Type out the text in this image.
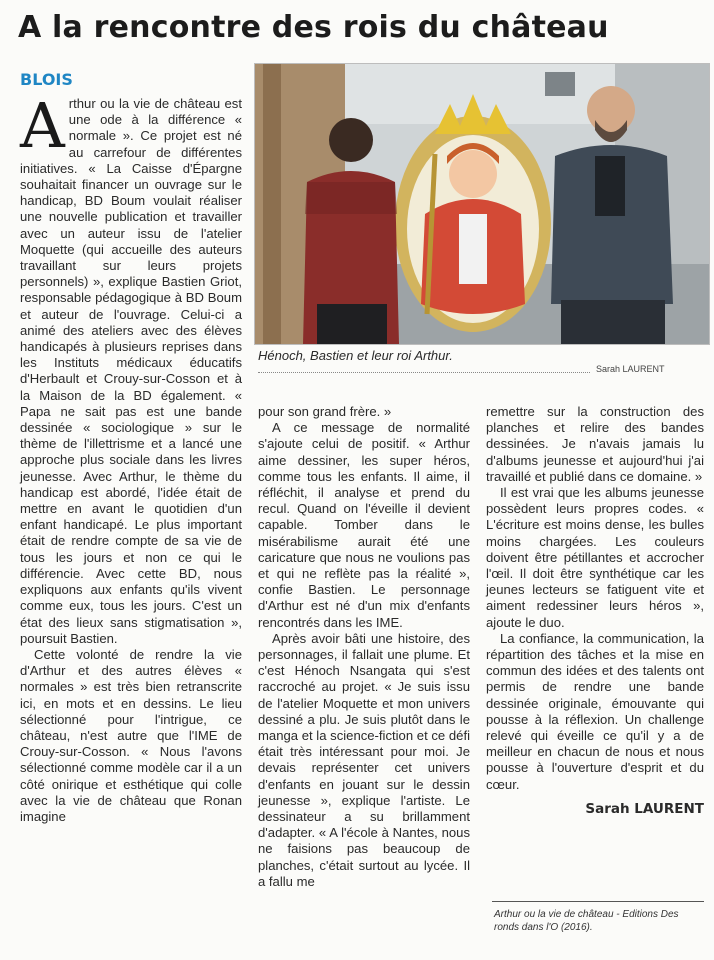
A la rencontre des rois du château
BLOIS
Hénoch, Bastien et leur roi Arthur.
Sarah LAURENT
A rthur ou la vie de château est une ode à la différence « normale ». Ce projet est né au carrefour de différentes initiatives. « La Caisse d'Épargne souhaitait financer un ouvrage sur le handicap, BD Boum voulait réaliser une nouvelle publication et travailler avec un auteur issu de l'atelier Moquette (qui accueille des auteurs travaillant sur leurs projets personnels) », explique Bastien Griot, responsable pédagogique à BD Boum et auteur de l'ouvrage. Celui-ci a animé des ateliers avec des élèves handicapés à plusieurs reprises dans les Instituts médicaux éducatifs d'Herbault et Crouy-sur-Cosson et à la Maison de la BD également. « Papa ne sait pas est une bande dessinée « sociologique » sur le thème de l'illettrisme et a lancé une approche plus sociale dans les livres jeunesse. Avec Arthur, le thème du handicap est abordé, l'idée était de mettre en avant le quotidien d'un enfant handicapé. Le plus important était de rendre compte de sa vie de tous les jours et non ce qui le différencie. Avec cette BD, nous expliquons aux enfants qu'ils vivent comme eux, tous les jours. C'est un état des lieux sans stigmatisation », poursuit Bastien.

Cette volonté de rendre la vie d'Arthur et des autres élèves « normales » est très bien retranscrite ici, en mots et en dessins. Le lieu sélectionné pour l'intrigue, ce château, n'est autre que l'IME de Crouy-sur-Cosson. « Nous l'avons sélectionné comme modèle car il a un côté onirique et esthétique qui colle avec la vie de château que Ronan imagine

pour son grand frère. »

A ce message de normalité s'ajoute celui de positif. « Arthur aime dessiner, les super héros, comme tous les enfants. Il aime, il réfléchit, il analyse et prend du recul. Quand on l'éveille il devient capable. Tomber dans le misérabilisme aurait été une caricature que nous ne voulions pas et qui ne reflète pas la réalité », confie Bastien. Le personnage d'Arthur est né d'un mix d'enfants rencontrés dans les IME.

Après avoir bâti une histoire, des personnages, il fallait une plume. Et c'est Hénoch Nsangata qui s'est raccroché au projet. « Je suis issu de l'atelier Moquette et mon univers dessiné a plu. Je suis plutôt dans le manga et la science-fiction et ce défi était très intéressant pour moi. Je devais représenter cet univers d'enfants en jouant sur le dessin jeunesse », explique l'artiste. Le dessinateur a su brillamment d'adapter. « A l'école à Nantes, nous ne faisions pas beaucoup de planches, c'était surtout au lycée. Il a fallu me

remettre sur la construction des planches et relire des bandes dessinées. Je n'avais jamais lu d'albums jeunesse et aujourd'hui j'ai travaillé et publié dans ce domaine. »

Il est vrai que les albums jeunesse possèdent leurs propres codes. « L'écriture est moins dense, les bulles moins chargées. Les couleurs doivent être pétillantes et accrocher l'œil. Il doit être synthétique car les jeunes lecteurs se fatiguent vite et aiment redessiner leurs héros », ajoute le duo.

La confiance, la communication, la répartition des tâches et la mise en commun des idées et des talents ont permis de rendre une bande dessinée originale, émouvante qui pousse à la réflexion. Un challenge relevé qui éveille ce qu'il y a de meilleur en chacun de nous et nous pousse à l'ouverture d'esprit et du cœur.

Sarah LAURENT

Arthur ou la vie de château - Editions Des ronds dans l'O (2016).
